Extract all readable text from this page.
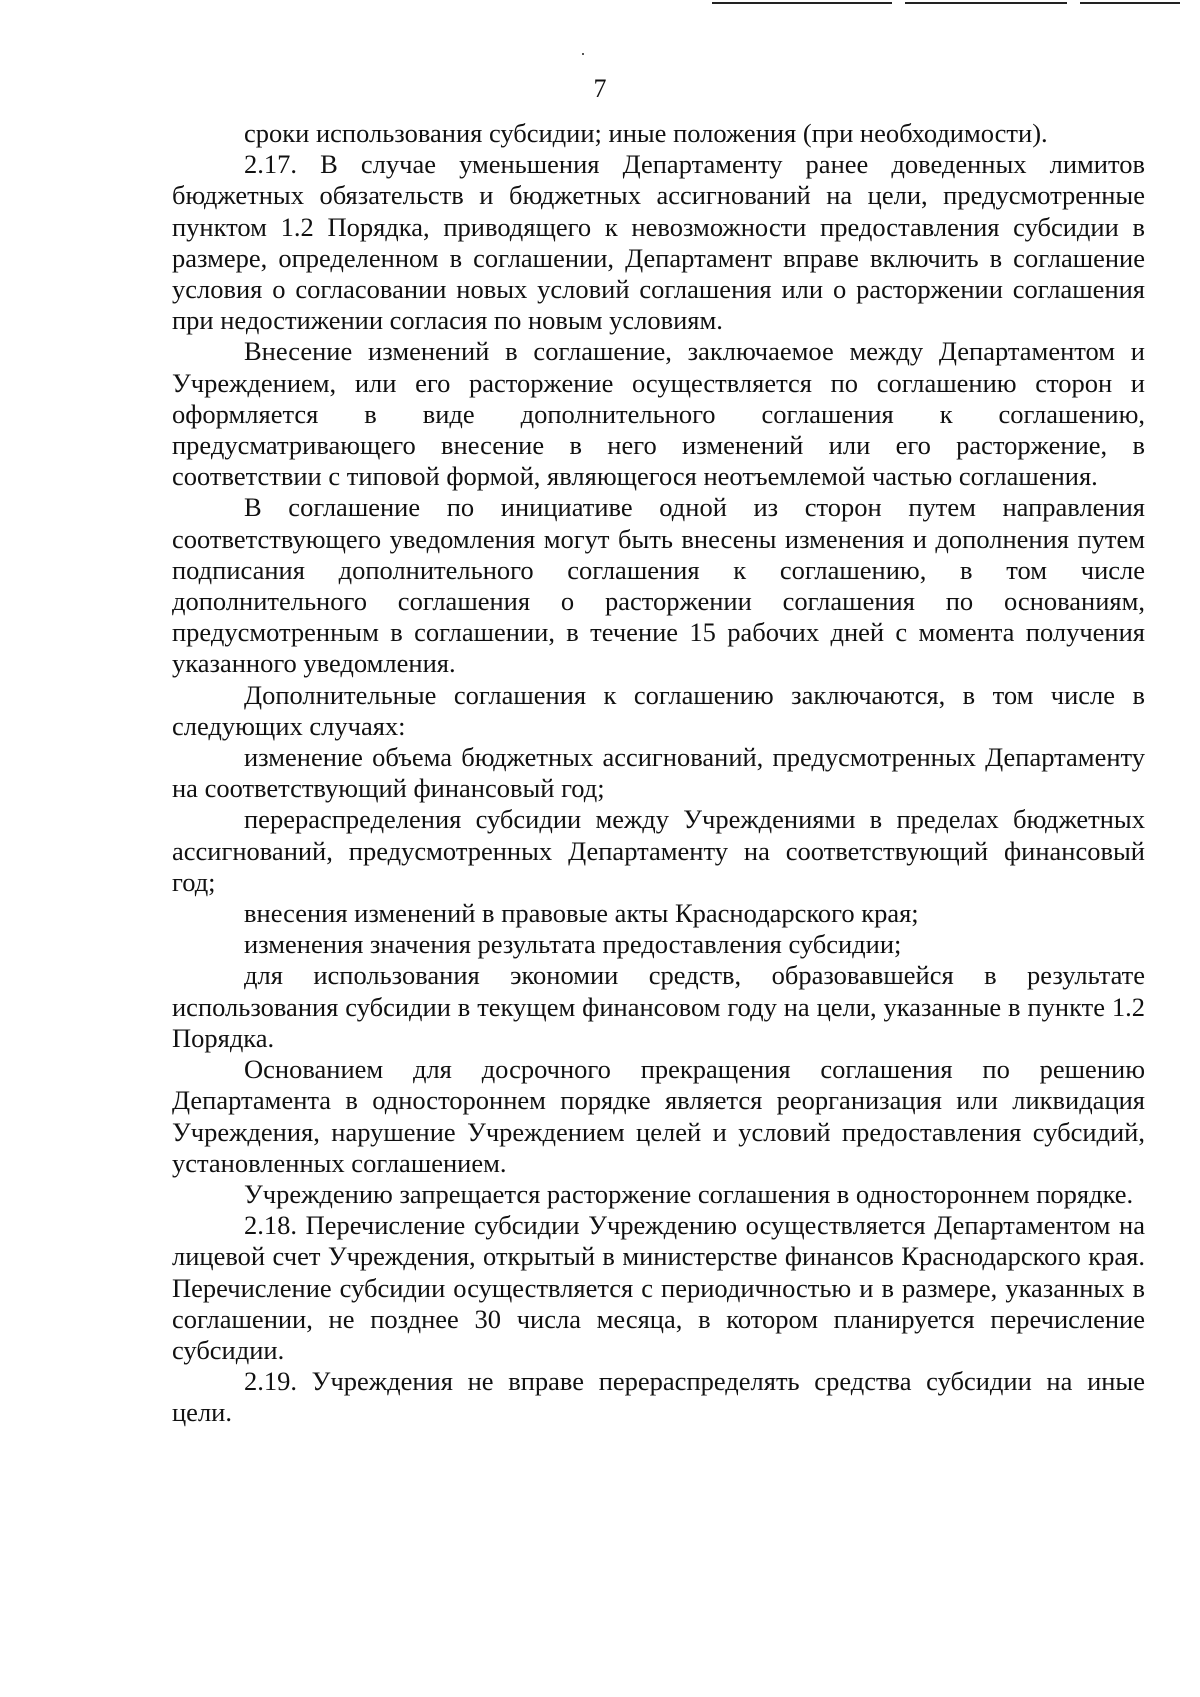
7

сроки использования субсидии; иные положения (при необходимости).

2.17. В случае уменьшения Департаменту ранее доведенных лимитов бюджетных обязательств и бюджетных ассигнований на цели, предусмотренные пунктом 1.2 Порядка, приводящего к невозможности предоставления субсидии в размере, определенном в соглашении, Департамент вправе включить в соглашение условия о согласовании новых условий соглашения или о расторжении соглашения при недостижении согласия по новым условиям.

Внесение изменений в соглашение, заключаемое между Департаментом и Учреждением, или его расторжение осуществляется по соглашению сторон и оформляется в виде дополнительного соглашения к соглашению, предусматривающего внесение в него изменений или его расторжение, в соответствии с типовой формой, являющегося неотъемлемой частью соглашения.

В соглашение по инициативе одной из сторон путем направления соответствующего уведомления могут быть внесены изменения и дополнения путем подписания дополнительного соглашения к соглашению, в том числе дополнительного соглашения о расторжении соглашения по основаниям, предусмотренным в соглашении, в течение 15 рабочих дней с момента получения указанного уведомления.

Дополнительные соглашения к соглашению заключаются, в том числе в следующих случаях:

изменение объема бюджетных ассигнований, предусмотренных Департаменту на соответствующий финансовый год;

перераспределения субсидии между Учреждениями в пределах бюджетных ассигнований, предусмотренных Департаменту на соответствующий финансовый год;

внесения изменений в правовые акты Краснодарского края;

изменения значения результата предоставления субсидии;

для использования экономии средств, образовавшейся в результате использования субсидии в текущем финансовом году на цели, указанные в пункте 1.2 Порядка.

Основанием для досрочного прекращения соглашения по решению Департамента в одностороннем порядке является реорганизация или ликвидация Учреждения, нарушение Учреждением целей и условий предоставления субсидий, установленных соглашением.

Учреждению запрещается расторжение соглашения в одностороннем порядке.

2.18. Перечисление субсидии Учреждению осуществляется Департаментом на лицевой счет Учреждения, открытый в министерстве финансов Краснодарского края. Перечисление субсидии осуществляется с периодичностью и в размере, указанных в соглашении, не позднее 30 числа месяца, в котором планируется перечисление субсидии.

2.19. Учреждения не вправе перераспределять средства субсидии на иные цели.
